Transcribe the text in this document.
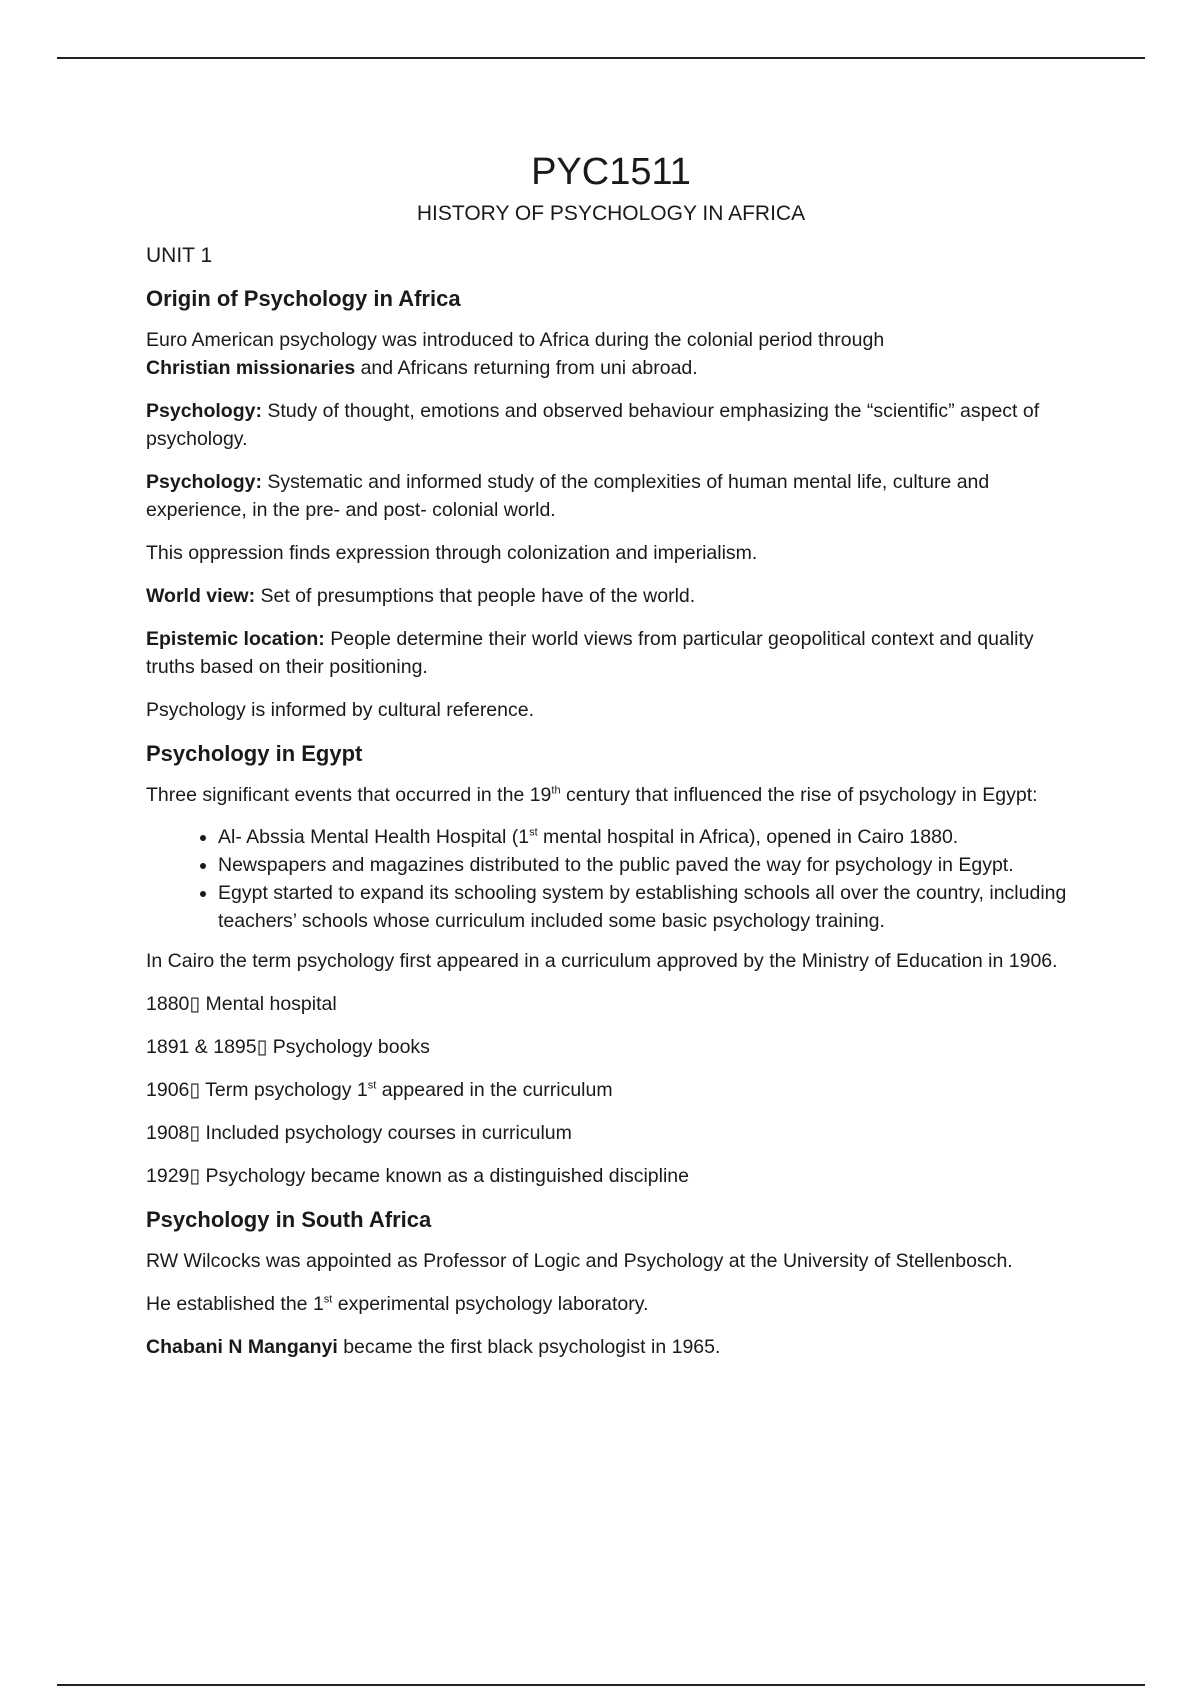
PYC1511
HISTORY OF PSYCHOLOGY IN AFRICA
UNIT 1
Origin of Psychology in Africa

Euro American psychology was introduced to Africa during the colonial period through
Christian missionaries and Africans returning from uni abroad.

Psychology: Study of thought, emotions and observed behaviour emphasizing the “scientific” aspect of psychology.

Psychology: Systematic and informed study of the complexities of human mental life, culture and experience, in the pre- and post- colonial world.

This oppression finds expression through colonization and imperialism.

World view: Set of presumptions that people have of the world.

Epistemic location: People determine their world views from particular geopolitical context and quality truths based on their positioning.

Psychology is informed by cultural reference.

Psychology in Egypt

Three significant events that occurred in the 19th century that influenced the rise of psychology in Egypt:

• Al- Abssia Mental Health Hospital (1st mental hospital in Africa), opened in Cairo 1880.
• Newspapers and magazines distributed to the public paved the way for psychology in Egypt.
• Egypt started to expand its schooling system by establishing schools all over the country, including teachers’ schools whose curriculum included some basic psychology training.

In Cairo the term psychology first appeared in a curriculum approved by the Ministry of Education in 1906.

1880▯ Mental hospital

1891 & 1895▯ Psychology books

1906▯ Term psychology 1st appeared in the curriculum

1908▯ Included psychology courses in curriculum

1929▯ Psychology became known as a distinguished discipline

Psychology in South Africa

RW Wilcocks was appointed as Professor of Logic and Psychology at the University of Stellenbosch.

He established the 1st experimental psychology laboratory.

Chabani N Manganyi became the first black psychologist in 1965.
